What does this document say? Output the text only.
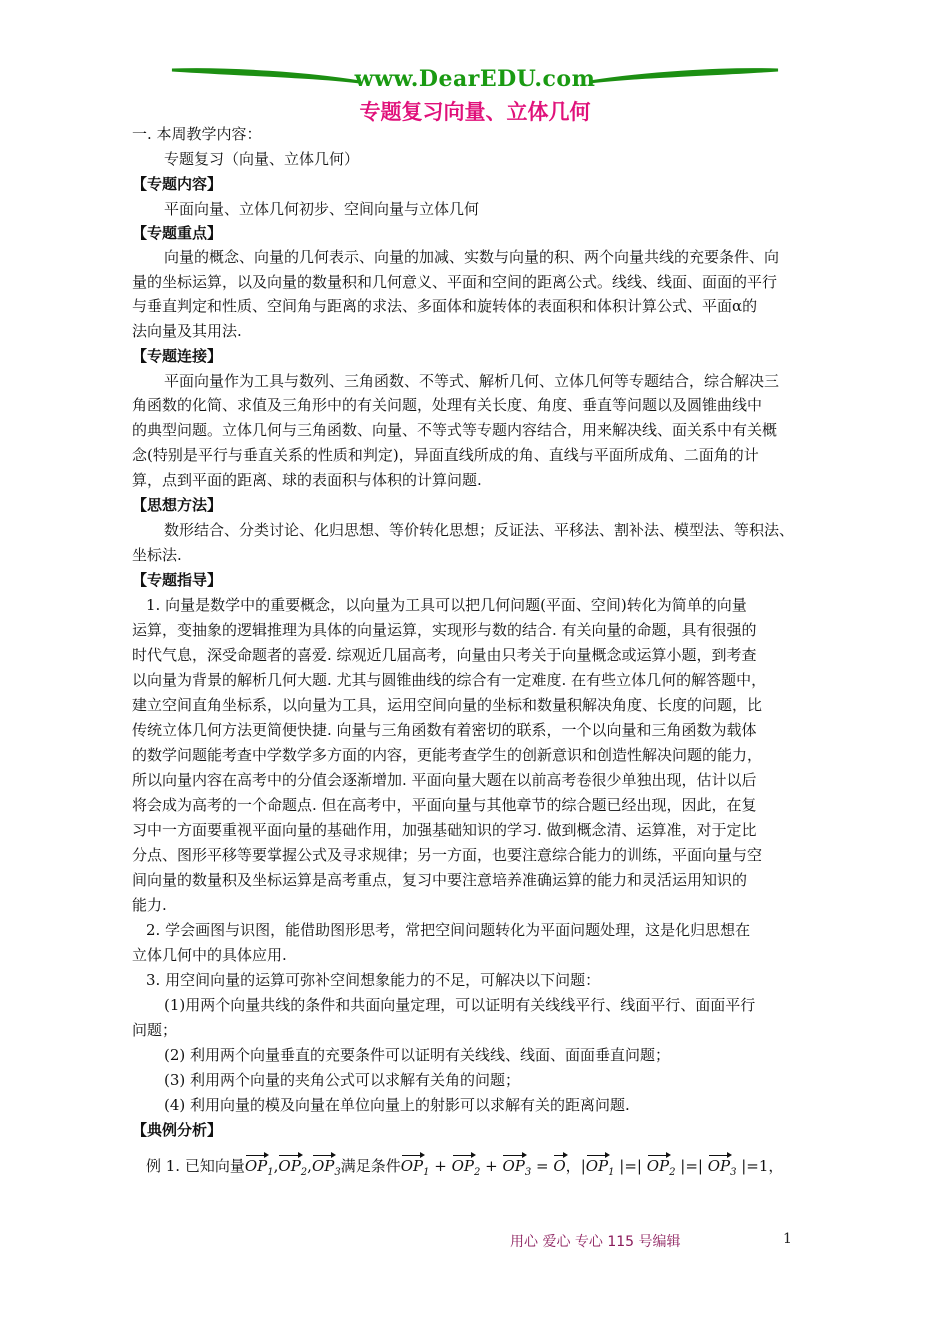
www.DearEDU.com
专题复习向量、立体几何
一. 本周教学内容：
专题复习（向量、立体几何）
【专题内容】
平面向量、立体几何初步、空间向量与立体几何
【专题重点】
向量的概念、向量的几何表示、向量的加减、实数与向量的积、两个向量共线的充要条件、向
量的坐标运算，以及向量的数量积和几何意义、平面和空间的距离公式。线线、线面、面面的平行
与垂直判定和性质、空间角与距离的求法、多面体和旋转体的表面积和体积计算公式、平面α的
法向量及其用法.
【专题连接】
平面向量作为工具与数列、三角函数、不等式、解析几何、立体几何等专题结合，综合解决三
角函数的化简、求值及三角形中的有关问题，处理有关长度、角度、垂直等问题以及圆锥曲线中
的典型问题。立体几何与三角函数、向量、不等式等专题内容结合，用来解决线、面关系中有关概
念(特别是平行与垂直关系的性质和判定)，异面直线所成的角、直线与平面所成角、二面角的计
算，点到平面的距离、球的表面积与体积的计算问题.
【思想方法】
数形结合、分类讨论、化归思想、等价转化思想；反证法、平移法、割补法、模型法、等积法、
坐标法.
【专题指导】
1. 向量是数学中的重要概念，以向量为工具可以把几何问题(平面、空间)转化为简单的向量
运算，变抽象的逻辑推理为具体的向量运算，实现形与数的结合. 有关向量的命题，具有很强的
时代气息，深受命题者的喜爱. 综观近几届高考，向量由只考关于向量概念或运算小题，到考查
以向量为背景的解析几何大题. 尤其与圆锥曲线的综合有一定难度. 在有些立体几何的解答题中，
建立空间直角坐标系，以向量为工具，运用空间向量的坐标和数量积解决角度、长度的问题，比
传统立体几何方法更简便快捷. 向量与三角函数有着密切的联系，一个以向量和三角函数为载体
的数学问题能考查中学数学多方面的内容，更能考查学生的创新意识和创造性解决问题的能力，
所以向量内容在高考中的分值会逐渐增加. 平面向量大题在以前高考卷很少单独出现，估计以后
将会成为高考的一个命题点. 但在高考中，平面向量与其他章节的综合题已经出现，因此，在复
习中一方面要重视平面向量的基础作用，加强基础知识的学习. 做到概念清、运算准，对于定比
分点、图形平移等要掌握公式及寻求规律；另一方面，也要注意综合能力的训练，平面向量与空
间向量的数量积及坐标运算是高考重点，复习中要注意培养准确运算的能力和灵活运用知识的
能力.
2. 学会画图与识图，能借助图形思考，常把空间问题转化为平面问题处理，这是化归思想在
立体几何中的具体应用.
3. 用空间向量的运算可弥补空间想象能力的不足，可解决以下问题：
(1)用两个向量共线的条件和共面向量定理，可以证明有关线线平行、线面平行、面面平行
问题；
(2) 利用两个向量垂直的充要条件可以证明有关线线、线面、面面垂直问题；
(3) 利用两个向量的夹角公式可以求解有关角的问题；
(4) 利用向量的模及向量在单位向量上的射影可以求解有关的距离问题.
【典例分析】
例 1. 已知向量$OP_1,OP_2,OP_3$满足条件$OP_1 + OP_2 + OP_3 = O$，$|OP_1$ |=| $OP_2$ |=| $OP_3$ |=1，
用心 爱心 专心 115 号编辑	1
